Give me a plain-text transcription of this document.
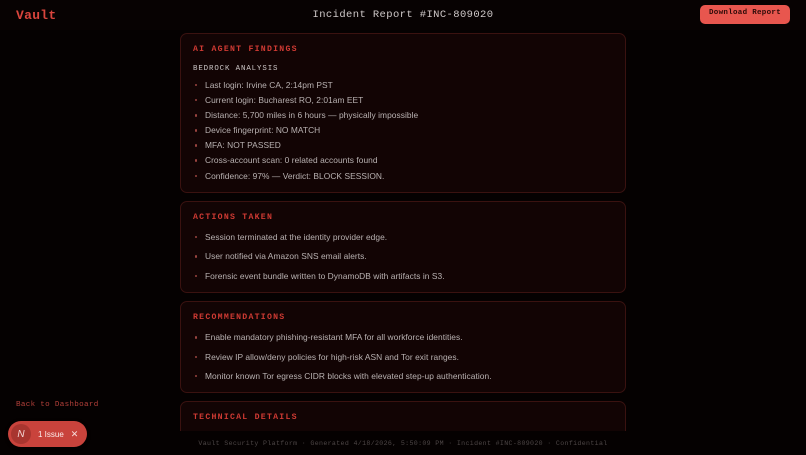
Vault	Incident Report #INC-809020	Download Report
AI AGENT FINDINGS
BEDROCK ANALYSIS
Last login: Irvine CA, 2:14pm PST
Current login: Bucharest RO, 2:01am EET
Distance: 5,700 miles in 6 hours — physically impossible
Device fingerprint: NO MATCH
MFA: NOT PASSED
Cross-account scan: 0 related accounts found
Confidence: 97% — Verdict: BLOCK SESSION.
ACTIONS TAKEN
Session terminated at the identity provider edge.
User notified via Amazon SNS email alerts.
Forensic event bundle written to DynamoDB with artifacts in S3.
RECOMMENDATIONS
Enable mandatory phishing-resistant MFA for all workforce identities.
Review IP allow/deny policies for high-risk ASN and Tor exit ranges.
Monitor known Tor egress CIDR blocks with elevated step-up authentication.
TECHNICAL DETAILS
Back to Dashboard
Vault Security Platform · Generated 4/18/2026, 5:50:09 PM · Incident #INC-809020 · Confidential
N	1 Issue ✕
